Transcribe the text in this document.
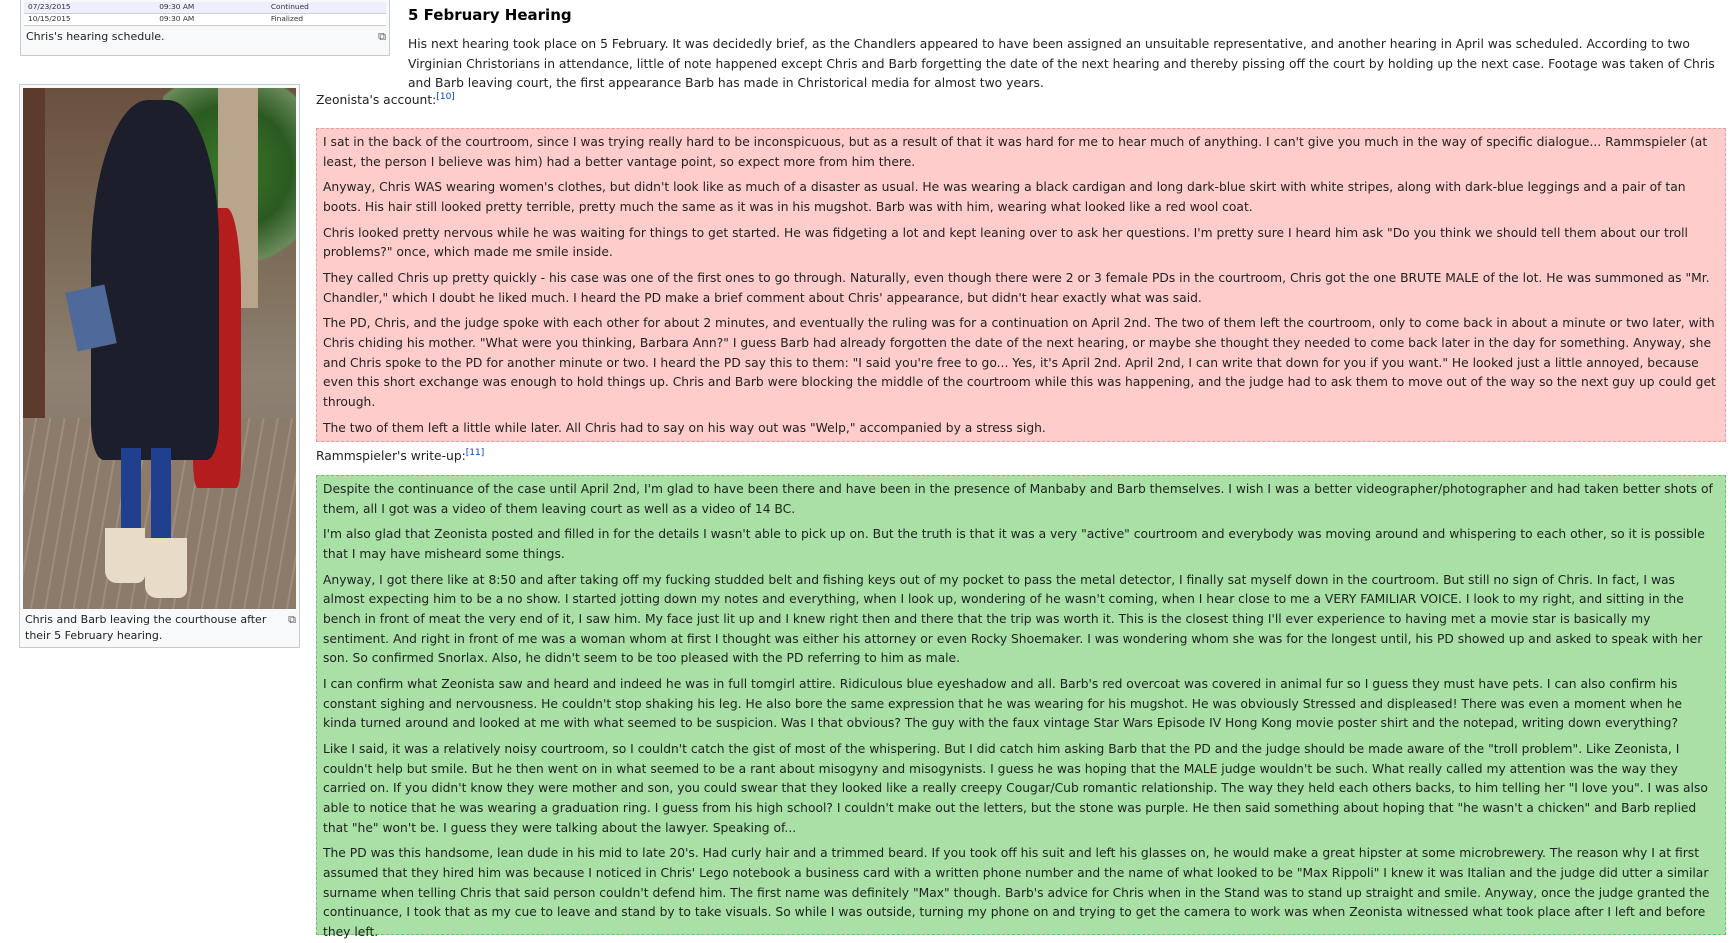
07/23/2015	09:30 AM	Continued
10/15/2015	09:30 AM	Finalized
Chris's hearing schedule.	⧉
Chris and Barb leaving the courthouse after their 5 February hearing.
⧉
5 February Hearing

His next hearing took place on 5 February. It was decidedly brief, as the Chandlers appeared to have been assigned an unsuitable representative, and another hearing in April was scheduled. According to two Virginian Christorians in attendance, little of note happened except Chris and Barb forgetting the date of the next hearing and thereby pissing off the court by holding up the next case. Footage was taken of Chris and Barb leaving court, the first appearance Barb has made in Christorical media for almost two years.

Zeonista's account:[10]

I sat in the back of the courtroom, since I was trying really hard to be inconspicuous, but as a result of that it was hard for me to hear much of anything. I can't give you much in the way of specific dialogue... Rammspieler (at least, the person I believe was him) had a better vantage point, so expect more from him there.

Anyway, Chris WAS wearing women's clothes, but didn't look like as much of a disaster as usual. He was wearing a black cardigan and long dark-blue skirt with white stripes, along with dark-blue leggings and a pair of tan boots. His hair still looked pretty terrible, pretty much the same as it was in his mugshot. Barb was with him, wearing what looked like a red wool coat.

Chris looked pretty nervous while he was waiting for things to get started. He was fidgeting a lot and kept leaning over to ask her questions. I'm pretty sure I heard him ask "Do you think we should tell them about our troll problems?" once, which made me smile inside.

They called Chris up pretty quickly - his case was one of the first ones to go through. Naturally, even though there were 2 or 3 female PDs in the courtroom, Chris got the one BRUTE MALE of the lot. He was summoned as "Mr. Chandler," which I doubt he liked much. I heard the PD make a brief comment about Chris' appearance, but didn't hear exactly what was said.

The PD, Chris, and the judge spoke with each other for about 2 minutes, and eventually the ruling was for a continuation on April 2nd. The two of them left the courtroom, only to come back in about a minute or two later, with Chris chiding his mother. "What were you thinking, Barbara Ann?" I guess Barb had already forgotten the date of the next hearing, or maybe she thought they needed to come back later in the day for something. Anyway, she and Chris spoke to the PD for another minute or two. I heard the PD say this to them: "I said you're free to go... Yes, it's April 2nd. April 2nd, I can write that down for you if you want." He looked just a little annoyed, because even this short exchange was enough to hold things up. Chris and Barb were blocking the middle of the courtroom while this was happening, and the judge had to ask them to move out of the way so the next guy up could get through.

The two of them left a little while later. All Chris had to say on his way out was "Welp," accompanied by a stress sigh.

Rammspieler's write-up:[11]

Despite the continuance of the case until April 2nd, I'm glad to have been there and have been in the presence of Manbaby and Barb themselves. I wish I was a better videographer/photographer and had taken better shots of them, all I got was a video of them leaving court as well as a video of 14 BC.

I'm also glad that Zeonista posted and filled in for the details I wasn't able to pick up on. But the truth is that it was a very "active" courtroom and everybody was moving around and whispering to each other, so it is possible that I may have misheard some things.

Anyway, I got there like at 8:50 and after taking off my fucking studded belt and fishing keys out of my pocket to pass the metal detector, I finally sat myself down in the courtroom. But still no sign of Chris. In fact, I was almost expecting him to be a no show. I started jotting down my notes and everything, when I look up, wondering of he wasn't coming, when I hear close to me a VERY FAMILIAR VOICE. I look to my right, and sitting in the bench in front of meat the very end of it, I saw him. My face just lit up and I knew right then and there that the trip was worth it. This is the closest thing I'll ever experience to having met a movie star is basically my sentiment. And right in front of me was a woman whom at first I thought was either his attorney or even Rocky Shoemaker. I was wondering whom she was for the longest until, his PD showed up and asked to speak with her son. So confirmed Snorlax. Also, he didn't seem to be too pleased with the PD referring to him as male.

I can confirm what Zeonista saw and heard and indeed he was in full tomgirl attire. Ridiculous blue eyeshadow and all. Barb's red overcoat was covered in animal fur so I guess they must have pets. I can also confirm his constant sighing and nervousness. He couldn't stop shaking his leg. He also bore the same expression that he was wearing for his mugshot. He was obviously Stressed and displeased! There was even a moment when he kinda turned around and looked at me with what seemed to be suspicion. Was I that obvious? The guy with the faux vintage Star Wars Episode IV Hong Kong movie poster shirt and the notepad, writing down everything?

Like I said, it was a relatively noisy courtroom, so I couldn't catch the gist of most of the whispering. But I did catch him asking Barb that the PD and the judge should be made aware of the "troll problem". Like Zeonista, I couldn't help but smile. But he then went on in what seemed to be a rant about misogyny and misogynists. I guess he was hoping that the MALE judge wouldn't be such. What really called my attention was the way they carried on. If you didn't know they were mother and son, you could swear that they looked like a really creepy Cougar/Cub romantic relationship. The way they held each others backs, to him telling her "I love you". I was also able to notice that he was wearing a graduation ring. I guess from his high school? I couldn't make out the letters, but the stone was purple. He then said something about hoping that "he wasn't a chicken" and Barb replied that "he" won't be. I guess they were talking about the lawyer. Speaking of...

The PD was this handsome, lean dude in his mid to late 20's. Had curly hair and a trimmed beard. If you took off his suit and left his glasses on, he would make a great hipster at some microbrewery. The reason why I at first assumed that they hired him was because I noticed in Chris' Lego notebook a business card with a written phone number and the name of what looked to be "Max Rippoli" I knew it was Italian and the judge did utter a similar surname when telling Chris that said person couldn't defend him. The first name was definitely "Max" though. Barb's advice for Chris when in the Stand was to stand up straight and smile. Anyway, once the judge granted the continuance, I took that as my cue to leave and stand by to take visuals. So while I was outside, turning my phone on and trying to get the camera to work was when Zeonista witnessed what took place after I left and before they left.
